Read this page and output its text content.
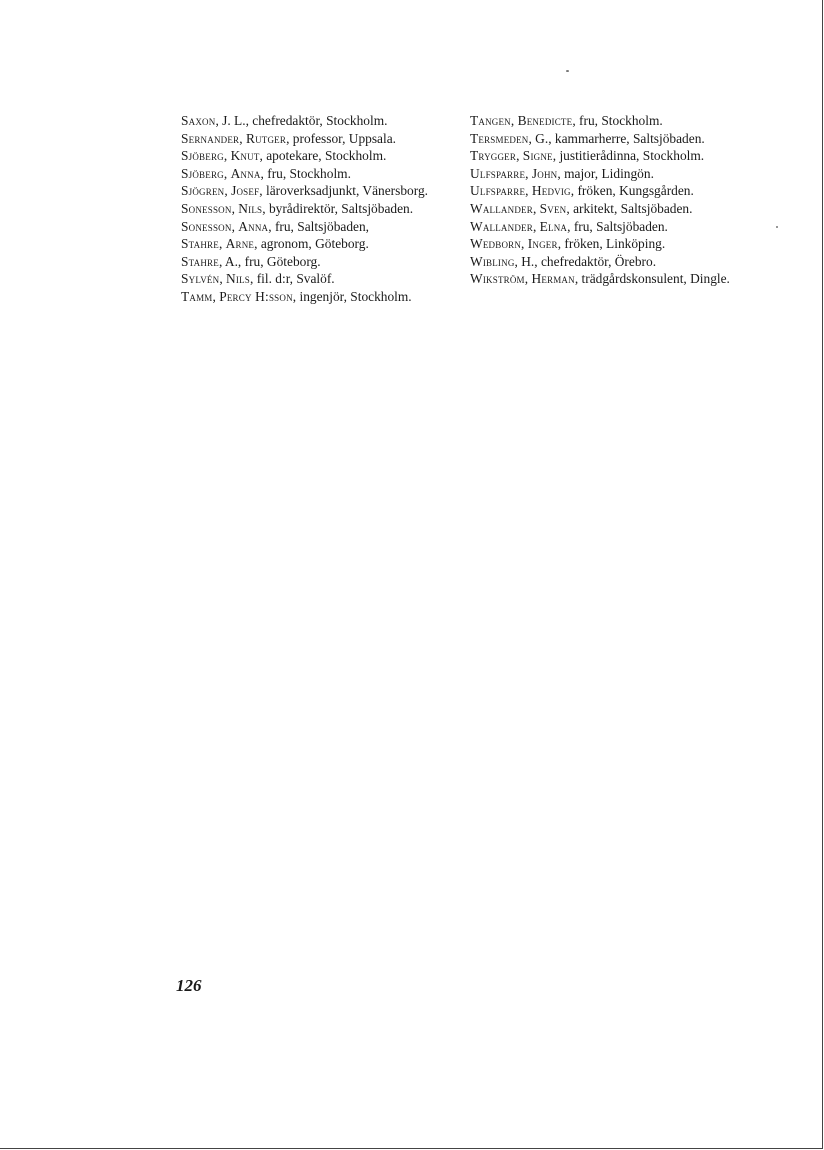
Saxon, J. L., chefredaktör, Stockholm.

Sernander, Rutger, professor, Uppsala.

Sjöberg, Knut, apotekare, Stockholm.

Sjöberg, Anna, fru, Stockholm.

Sjögren, Josef, läroverksadjunkt, Vänersborg.

Sonesson, Nils, byrådirektör, Saltsjöbaden.

Sonesson, Anna, fru, Saltsjöbaden,

Stahre, Arne, agronom, Göteborg.

Stahre, A., fru, Göteborg.

Sylvén, Nils, fil. d:r, Svalöf.

Tamm, Percy H:sson, ingenjör, Stockholm.

Tangen, Benedicte, fru, Stockholm.

Tersmeden, G., kammarherre, Saltsjöbaden.

Trygger, Signe, justitierådinna, Stockholm.

Ulfsparre, John, major, Lidingön.

Ulfsparre, Hedvig, fröken, Kungsgården.

Wallander, Sven, arkitekt, Saltsjöbaden.

Wallander, Elna, fru, Saltsjöbaden.

Wedborn, Inger, fröken, Linköping.

Wibling, H., chefredaktör, Örebro.

Wikström, Herman, trädgårdskonsulent, Dingle.

126
